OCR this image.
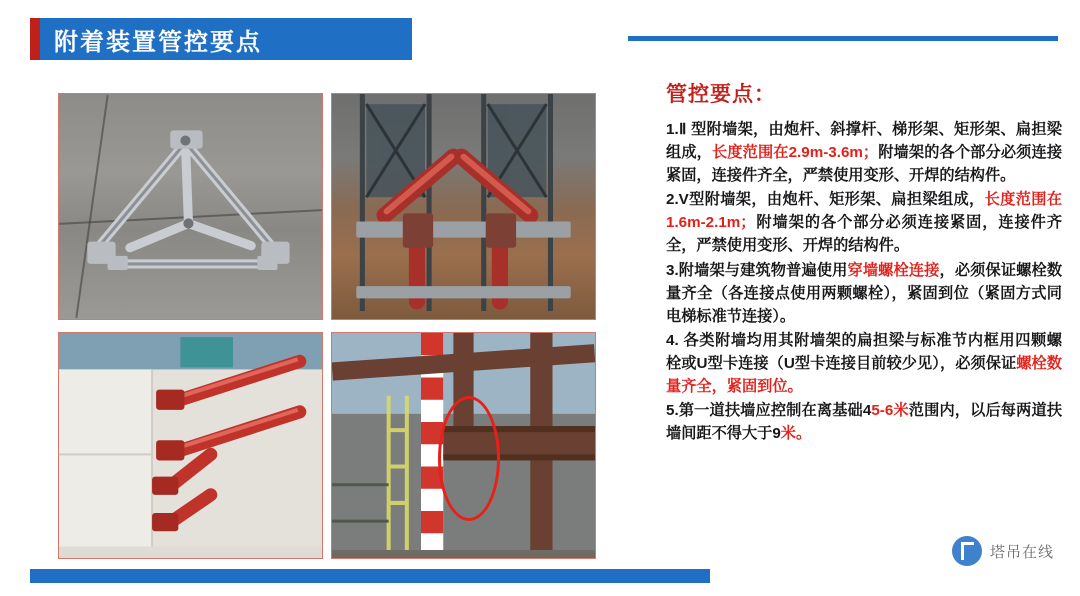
附着装置管控要点
管控要点：

1.Ⅱ 型附墙架，由炮杆、斜撑杆、梯形架、矩形架、扁担梁组成，长度范围在2.9m-3.6m；附墙架的各个部分必须连接紧固，连接件齐全，严禁使用变形、开焊的结构件。

2.V型附墙架，由炮杆、矩形架、扁担梁组成，长度范围在1.6m-2.1m；附墙架的各个部分必须连接紧固，连接件齐全，严禁使用变形、开焊的结构件。

3.附墙架与建筑物普遍使用穿墙螺栓连接，必须保证螺栓数量齐全（各连接点使用两颗螺栓），紧固到位（紧固方式同电梯标准节连接）。

4. 各类附墙均用其附墙架的扁担梁与标准节内框用四颗螺栓或U型卡连接（U型卡连接目前较少见），必须保证螺栓数量齐全，紧固到位。

5.第一道扶墙应控制在离基础45-6米范围内，以后每两道扶墙间距不得大于9米。

塔吊在线
